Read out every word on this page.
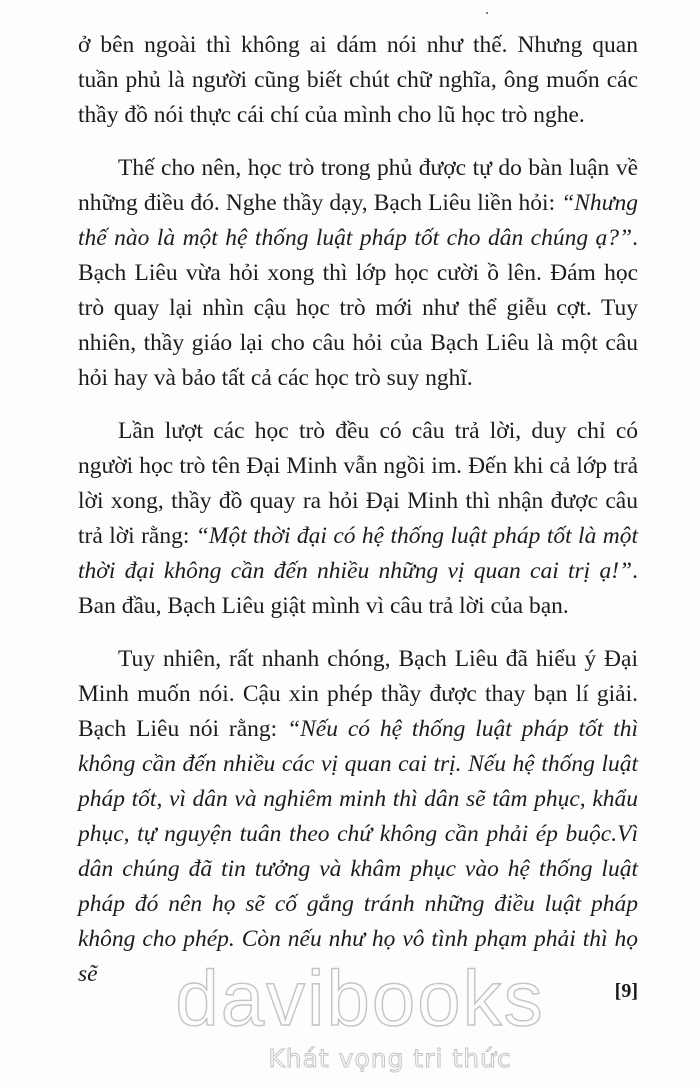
ở bên ngoài thì không ai dám nói như thế. Nhưng quan tuần phủ là người cũng biết chút chữ nghĩa, ông muốn các thầy đồ nói thực cái chí của mình cho lũ học trò nghe.

Thế cho nên, học trò trong phủ được tự do bàn luận về những điều đó. Nghe thầy dạy, Bạch Liêu liền hỏi: “Nhưng thế nào là một hệ thống luật pháp tốt cho dân chúng ạ?”. Bạch Liêu vừa hỏi xong thì lớp học cười ồ lên. Đám học trò quay lại nhìn cậu học trò mới như thể giễu cợt. Tuy nhiên, thầy giáo lại cho câu hỏi của Bạch Liêu là một câu hỏi hay và bảo tất cả các học trò suy nghĩ.

Lần lượt các học trò đều có câu trả lời, duy chỉ có người học trò tên Đại Minh vẫn ngồi im. Đến khi cả lớp trả lời xong, thầy đồ quay ra hỏi Đại Minh thì nhận được câu trả lời rằng: “Một thời đại có hệ thống luật pháp tốt là một thời đại không cần đến nhiều những vị quan cai trị ạ!”. Ban đầu, Bạch Liêu giật mình vì câu trả lời của bạn.

Tuy nhiên, rất nhanh chóng, Bạch Liêu đã hiểu ý Đại Minh muốn nói. Cậu xin phép thầy được thay bạn lí giải. Bạch Liêu nói rằng: “Nếu có hệ thống luật pháp tốt thì không cần đến nhiều các vị quan cai trị. Nếu hệ thống luật pháp tốt, vì dân và nghiêm minh thì dân sẽ tâm phục, khẩu phục, tự nguyện tuân theo chứ không cần phải ép buộc.Vì dân chúng đã tin tưởng và khâm phục vào hệ thống luật pháp đó nên họ sẽ cố gắng tránh những điều luật pháp không cho phép. Còn nếu như họ vô tình phạm phải thì họ sẽ davibooks
Khát vọng tri thức
[9]
